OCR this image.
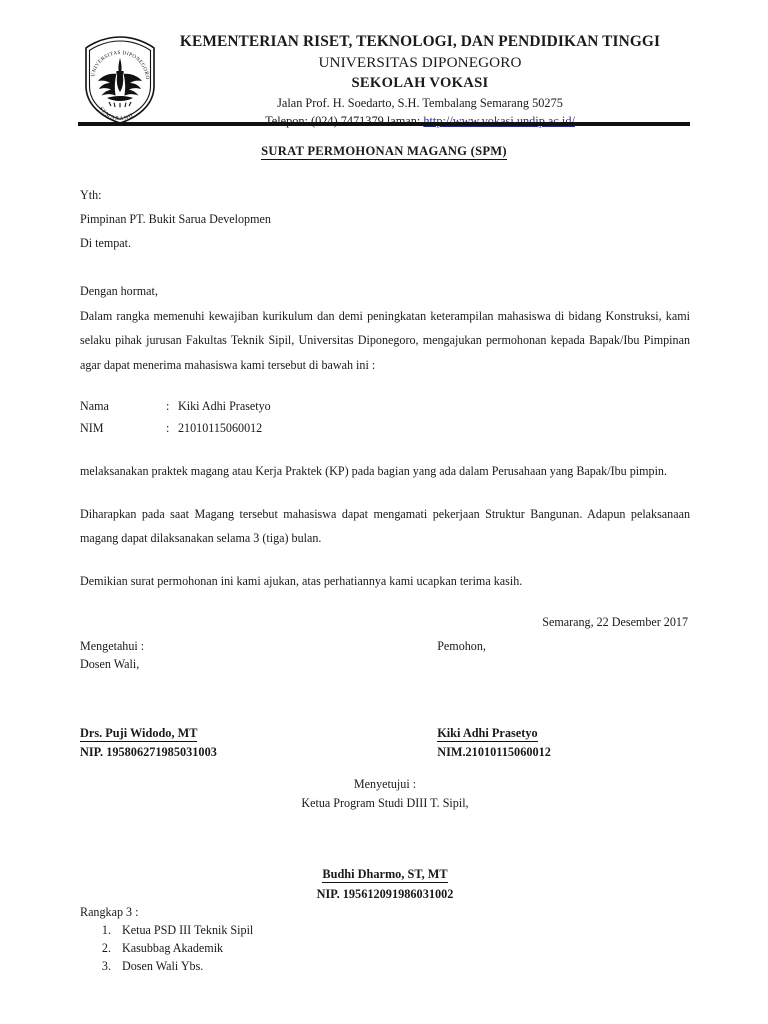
UNIVERSITAS DIPONEGORO
SEMARANG
KEMENTERIAN RISET, TEKNOLOGI, DAN PENDIDIKAN TINGGI
UNIVERSITAS DIPONEGORO
SEKOLAH VOKASI
Jalan Prof. H. Soedarto, S.H. Tembalang Semarang 50275
SURAT PERMOHONAN MAGANG (SPM)
Yth:
Pimpinan PT. Bukit Sarua Developmen
Di tempat.
Dengan hormat,
Dalam rangka memenuhi kewajiban kurikulum dan demi peningkatan keterampilan mahasiswa di bidang Konstruksi, kami selaku pihak jurusan Fakultas Teknik Sipil, Universitas Diponegoro, mengajukan permohonan kepada Bapak/Ibu Pimpinan agar dapat menerima mahasiswa kami tersebut di bawah ini :
Nama	:	Kiki Adhi Prasetyo
NIM	:	21010115060012
melaksanakan praktek magang atau Kerja Praktek (KP) pada bagian yang ada dalam Perusahaan yang Bapak/Ibu pimpin.
Diharapkan pada saat Magang tersebut mahasiswa dapat mengamati pekerjaan Struktur Bangunan. Adapun pelaksanaan magang dapat dilaksanakan selama 3 (tiga) bulan.
Demikian surat permohonan ini kami ajukan, atas perhatiannya kami ucapkan terima kasih.
Semarang, 22 Desember 2017
Mengetahui :
Dosen Wali,
Pemohon,
Drs. Puji Widodo, MT
NIP. 195806271985031003
Kiki Adhi Prasetyo
NIM.21010115060012
Menyetujui :
Ketua Program Studi DIII T. Sipil,
Budhi Dharmo, ST, MT
NIP. 195612091986031002
Rangkap 3 :
1. Ketua PSD III Teknik Sipil
2. Kasubbag Akademik
3. Dosen Wali Ybs.
